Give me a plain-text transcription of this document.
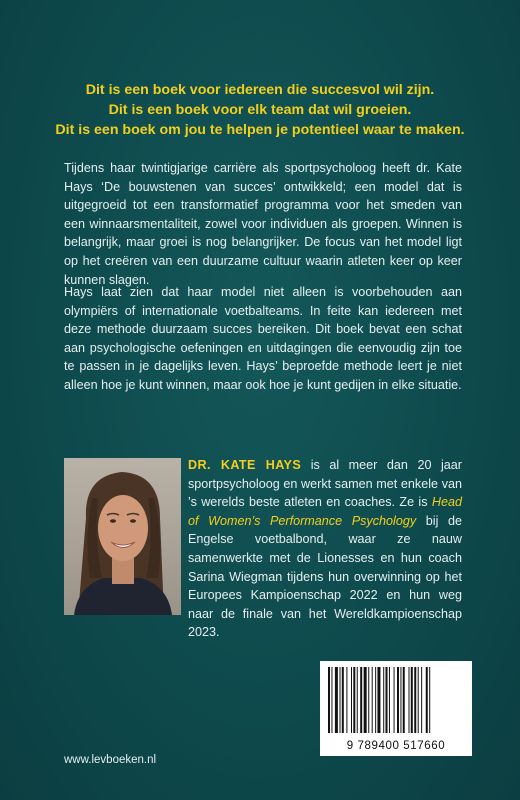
Dit is een boek voor iedereen die succesvol wil zijn.
Dit is een boek voor elk team dat wil groeien.
Dit is een boek om jou te helpen je potentieel waar te maken.
Tijdens haar twintigjarige carrière als sportpsycholoog heeft dr. Kate Hays ‘De bouwstenen van succes’ ontwikkeld; een model dat is uitgegroeid tot een transformatief programma voor het smeden van een winnaarsmentaliteit, zowel voor individuen als groepen. Winnen is belangrijk, maar groei is nog belangrijker. De focus van het model ligt op het creëren van een duurzame cultuur waarin atleten keer op keer kunnen slagen.
Hays laat zien dat haar model niet alleen is voorbehouden aan olympiërs of internationale voetbalteams. In feite kan iedereen met deze methode duurzaam succes bereiken. Dit boek bevat een schat aan psychologische oefeningen en uitdagingen die eenvoudig zijn toe te passen in je dagelijks leven. Hays’ beproefde methode leert je niet alleen hoe je kunt winnen, maar ook hoe je kunt gedijen in elke situatie.
DR. KATE HAYS is al meer dan 20 jaar sportpsycholoog en werkt samen met enkele van ’s werelds beste atleten en coaches. Ze is Head of Women’s Performance Psychology bij de Engelse voetbalbond, waar ze nauw samenwerkte met de Lionesses en hun coach Sarina Wiegman tijdens hun overwinning op het Europees Kampioenschap 2022 en hun weg naar de finale van het Wereldkampioenschap 2023.
9 789400 517660
www.levboeken.nl
